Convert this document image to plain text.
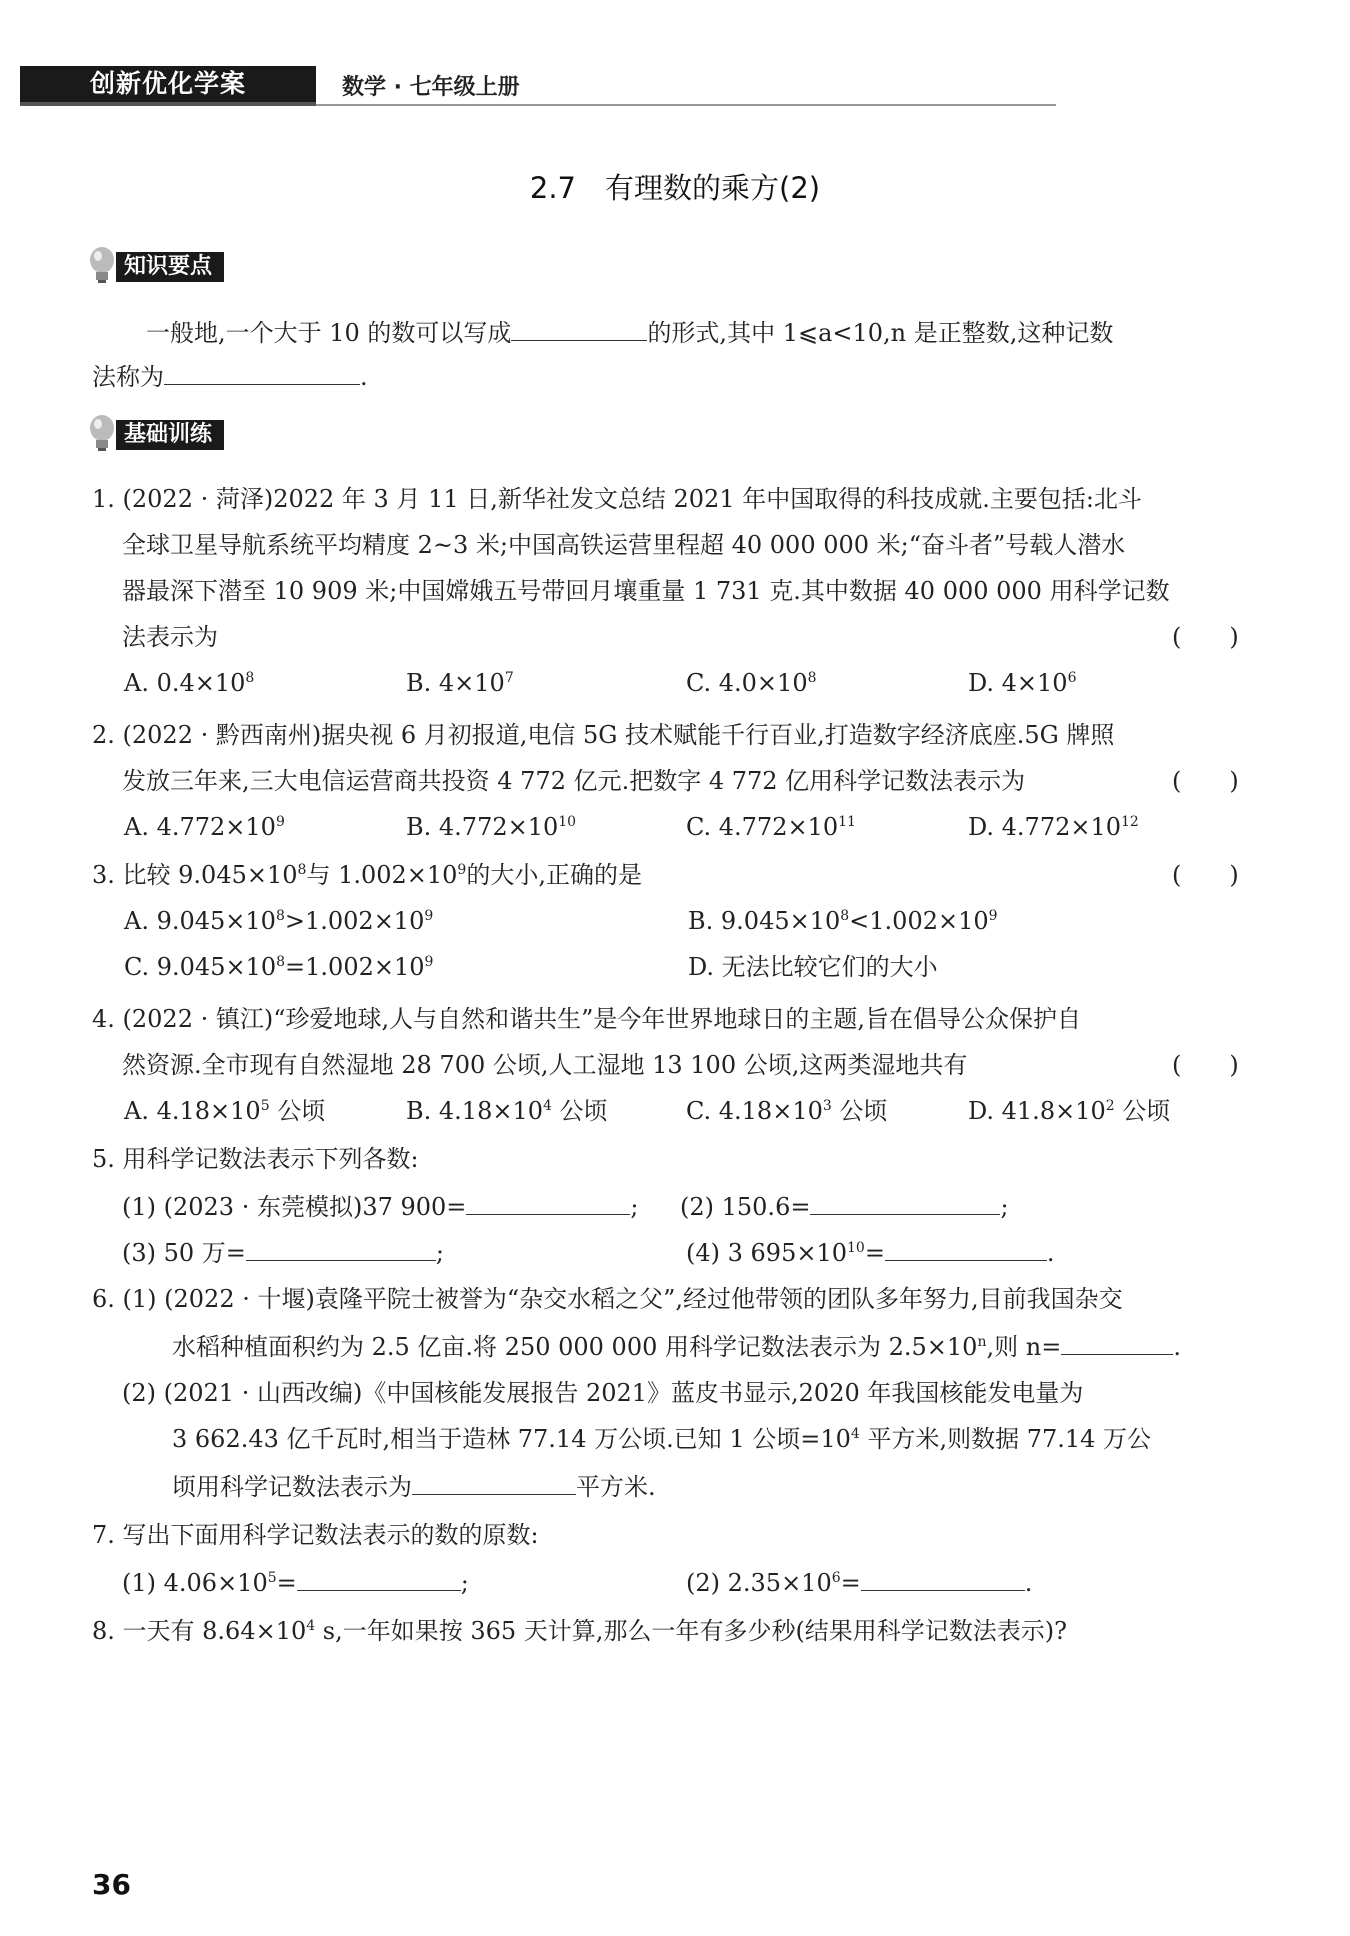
创新优化学案	数学 · 七年级上册
2.7　有理数的乘方(2)
知识要点
一般地,一个大于 10 的数可以写成	的形式,其中 1⩽a<10,n 是正整数,这种记数
法称为	.
基础训练
1. (2022 · 菏泽)2022 年 3 月 11 日,新华社发文总结 2021 年中国取得的科技成就.主要包括:北斗
全球卫星导航系统平均精度 2~3 米;中国高铁运营里程超 40 000 000 米;“奋斗者”号载人潜水
器最深下潜至 10 909 米;中国嫦娥五号带回月壤重量 1 731 克.其中数据 40 000 000 用科学记数
法表示为	(　　)
A. $0.4\times 10^8$	B. $4\times 10^7$	C. $4.0\times 10^8$	D. $4\times 10^6$
2. (2022 · 黔西南州)据央视 6 月初报道,电信 5G 技术赋能千行百业,打造数字经济底座.5G 牌照
发放三年来,三大电信运营商共投资 4 772 亿元.把数字 4 772 亿用科学记数法表示为	(　　)
A. $4.772\times 10^9$	B. $4.772\times 10^{10}$	C. $4.772\times 10^{11}$	D. $4.772\times 10^{12}$
3. 比较 $9.045\times 10^8$与 $1.002\times 10^9$的大小,正确的是	(　　)
A. $9.045\times 10^8>1.002\times 10^9$	B. $9.045\times 10^8<1.002\times 10^9$
C. $9.045\times 10^8=1.002\times 10^9$	D. 无法比较它们的大小
4. (2022 · 镇江)“珍爱地球,人与自然和谐共生”是今年世界地球日的主题,旨在倡导公众保护自
然资源.全市现有自然湿地 28 700 公顷,人工湿地 13 100 公顷,这两类湿地共有	(　　)
A. $4.18\times 10^5$ 公顷	B. $4.18\times 10^4$ 公顷	C. $4.18\times 10^3$ 公顷	D. $41.8\times 10^2$ 公顷
5. 用科学记数法表示下列各数:
(1) (2023 · 东莞模拟)37 900=	; (2) 150.6=	;
(3) 50 万=	;	(4) 3 $695\times 10^{10}=$	.
6. (1) (2022 · 十堰)袁隆平院士被誉为“杂交水稻之父”,经过他带领的团队多年努力,目前我国杂交
水稻种植面积约为 2.5 亿亩.将 250 000 000 用科学记数法表示为 $2.5\times 10^n$,则 n=	.
(2) (2021 · 山西改编)《中国核能发展报告 2021》蓝皮书显示,2020 年我国核能发电量为
3 662.43 亿千瓦时,相当于造林 77.14 万公顷.已知 1 公顷$=10^4$ 平方米,则数据 77.14 万公
顷用科学记数法表示为	平方米.
7. 写出下面用科学记数法表示的数的原数:
(1) $4.06\times 10^5=$	;	(2) $2.35\times 10^6=$	.
8. 一天有 $8.64\times 10^4$ s,一年如果按 365 天计算,那么一年有多少秒(结果用科学记数法表示)?
36
